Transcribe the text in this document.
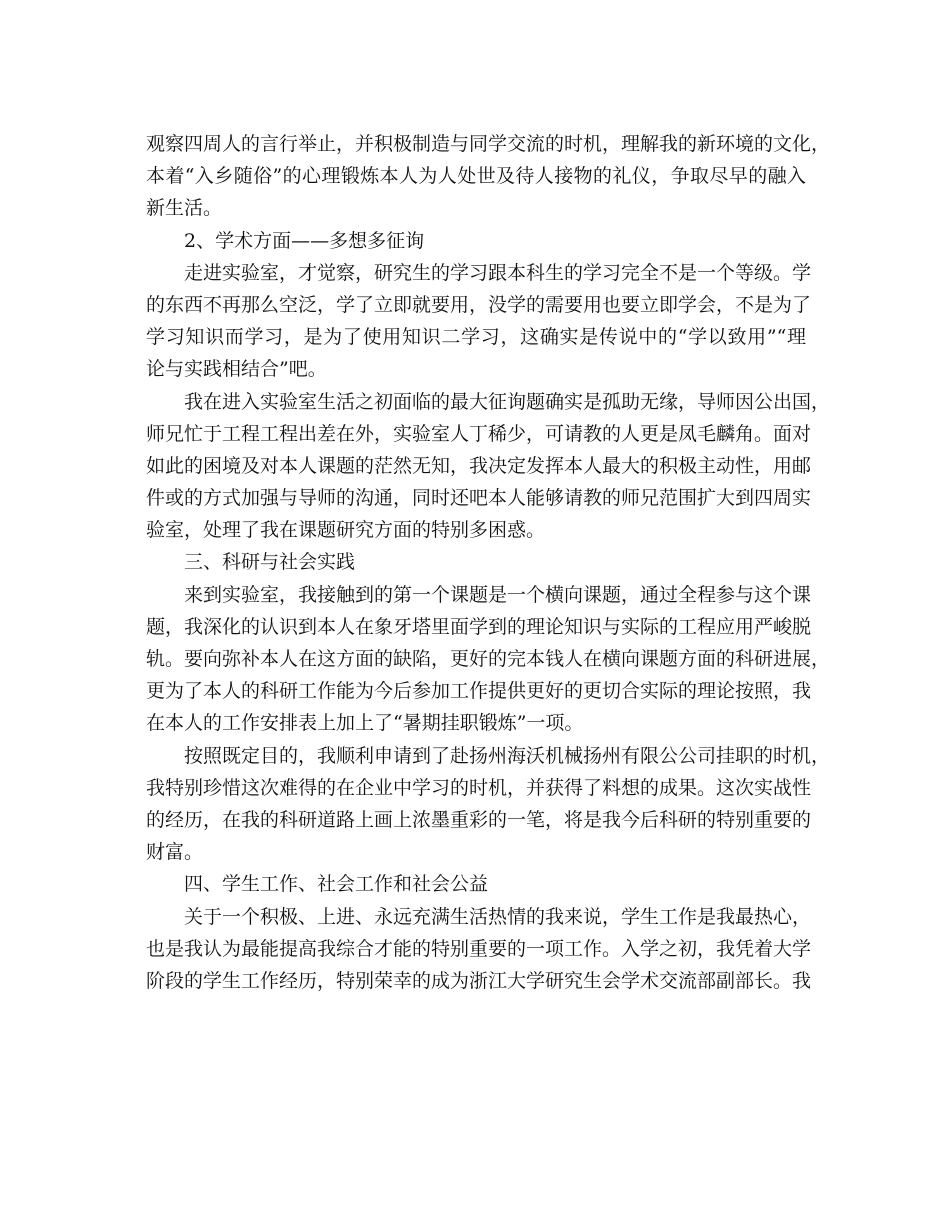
观察四周人的言行举止，并积极制造与同学交流的时机，理解我的新环境的文化，
本着“入乡随俗”的心理锻炼本人为人处世及待人接物的礼仪，争取尽早的融入
新生活。
2、学术方面——多想多征询
走进实验室，才觉察，研究生的学习跟本科生的学习完全不是一个等级。学
的东西不再那么空泛，学了立即就要用，没学的需要用也要立即学会，不是为了
学习知识而学习，是为了使用知识二学习，这确实是传说中的“学以致用”“理
论与实践相结合”吧。
我在进入实验室生活之初面临的最大征询题确实是孤助无缘，导师因公出国，
师兄忙于工程工程出差在外，实验室人丁稀少，可请教的人更是凤毛麟角。面对
如此的困境及对本人课题的茫然无知，我决定发挥本人最大的积极主动性，用邮
件或的方式加强与导师的沟通，同时还吧本人能够请教的师兄范围扩大到四周实
验室，处理了我在课题研究方面的特别多困惑。
三、科研与社会实践
来到实验室，我接触到的第一个课题是一个横向课题，通过全程参与这个课
题，我深化的认识到本人在象牙塔里面学到的理论知识与实际的工程应用严峻脱
轨。要向弥补本人在这方面的缺陷，更好的完本钱人在横向课题方面的科研进展，
更为了本人的科研工作能为今后参加工作提供更好的更切合实际的理论按照，我
在本人的工作安排表上加上了“暑期挂职锻炼”一项。
按照既定目的，我顺利申请到了赴扬州海沃机械扬州有限公公司挂职的时机，
我特别珍惜这次难得的在企业中学习的时机，并获得了料想的成果。这次实战性
的经历，在我的科研道路上画上浓墨重彩的一笔，将是我今后科研的特别重要的
财富。
四、学生工作、社会工作和社会公益
关于一个积极、上进、永远充满生活热情的我来说，学生工作是我最热心，
也是我认为最能提高我综合才能的特别重要的一项工作。入学之初，我凭着大学
阶段的学生工作经历，特别荣幸的成为浙江大学研究生会学术交流部副部长。我
